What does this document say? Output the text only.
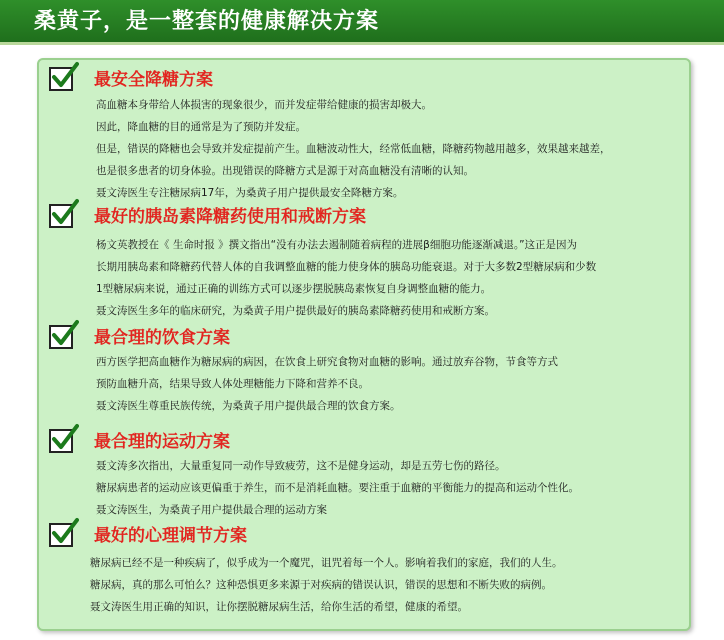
桑黄子，是一整套的健康解决方案
最安全降糖方案
高血糖本身带给人体损害的现象很少，而并发症带给健康的损害却极大。
因此，降血糖的目的通常是为了预防并发症。
但是，错误的降糖也会导致并发症提前产生。血糖波动性大，经常低血糖，降糖药物越用越多，效果越来越差，
也是很多患者的切身体验。出现错误的降糖方式是源于对高血糖没有清晰的认知。
聂文涛医生专注糖尿病17年，为桑黄子用户提供最安全降糖方案。
最好的胰岛素降糖药使用和戒断方案
杨文英教授在《 生命时报 》撰文指出“没有办法去遏制随着病程的进展β细胞功能逐渐减退。”这正是因为
长期用胰岛素和降糖药代替人体的自我调整血糖的能力使身体的胰岛功能衰退。对于大多数2型糖尿病和少数
1型糖尿病来说，通过正确的训练方式可以逐步摆脱胰岛素恢复自身调整血糖的能力。
聂文涛医生多年的临床研究，为桑黄子用户提供最好的胰岛素降糖药使用和戒断方案。
最合理的饮食方案
西方医学把高血糖作为糖尿病的病因，在饮食上研究食物对血糖的影响。通过放弃谷物，节食等方式
预防血糖升高，结果导致人体处理糖能力下降和营养不良。
聂文涛医生尊重民族传统，为桑黄子用户提供最合理的饮食方案。
最合理的运动方案
聂文涛多次指出，大量重复同一动作导致疲劳，这不是健身运动，却是五劳七伤的路径。
糖尿病患者的运动应该更偏重于养生，而不是消耗血糖。要注重于血糖的平衡能力的提高和运动个性化。
聂文涛医生，为桑黄子用户提供最合理的运动方案
最好的心理调节方案
糖尿病已经不是一种疾病了，似乎成为一个魔咒，诅咒着每一个人。影响着我们的家庭，我们的人生。
糖尿病，真的那么可怕么？这种恐惧更多来源于对疾病的错误认识，错误的思想和不断失败的病例。
聂文涛医生用正确的知识，让你摆脱糖尿病生活，给你生活的希望，健康的希望。
